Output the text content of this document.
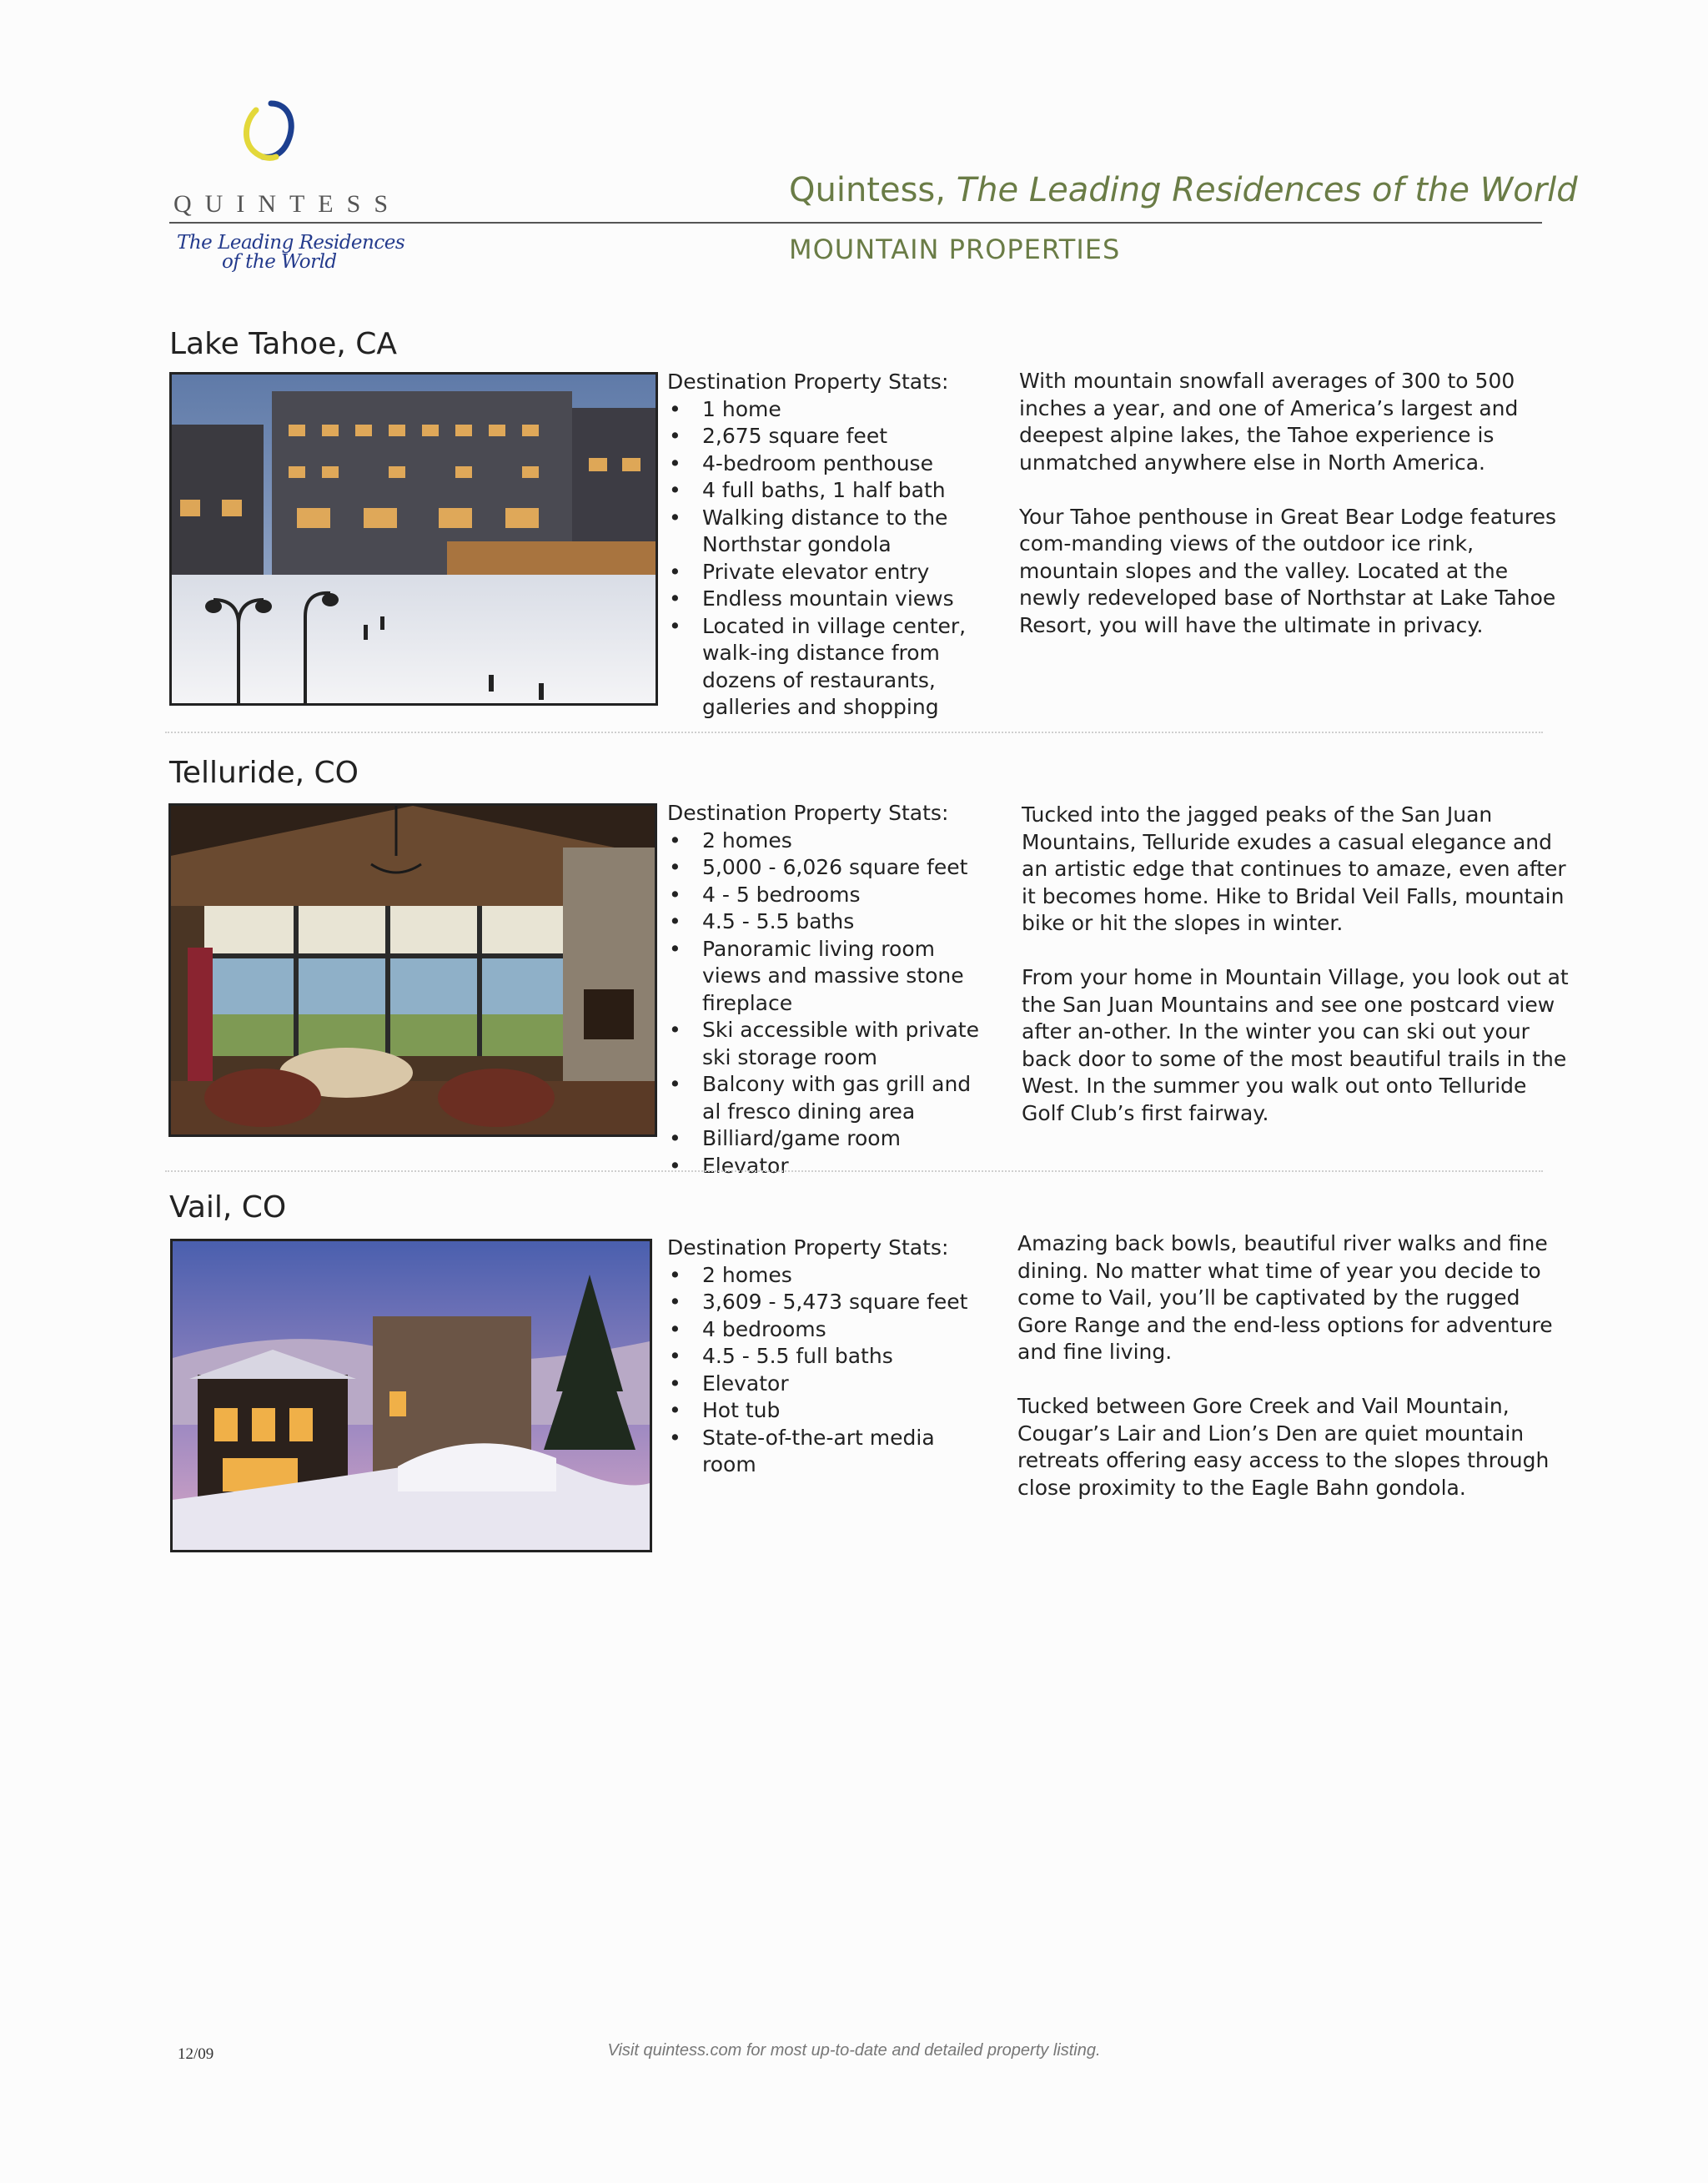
QUINTESS
The Leading Residences
of the World
Quintess, The Leading Residences of the World
MOUNTAIN PROPERTIES
Lake Tahoe, CA
Destination Property Stats:
• 1 home
• 2,675 square feet
• 4-bedroom penthouse
• 4 full baths, 1 half bath
• Walking distance to the Northstar gondola
• Private elevator entry
• Endless mountain views
• Located in village center, walk-ing distance from dozens of restaurants, galleries and shopping

With mountain snowfall averages of 300 to 500 inches a year, and one of America’s largest and deepest alpine lakes, the Tahoe experience is unmatched anywhere else in North America.

Your Tahoe penthouse in Great Bear Lodge features com-manding views of the outdoor ice rink, mountain slopes and the valley. Located at the newly redeveloped base of Northstar at Lake Tahoe Resort, you will have the ultimate in privacy.

Telluride, CO
Destination Property Stats:
• 2 homes
• 5,000 - 6,026 square feet
• 4 - 5 bedrooms
• 4.5 - 5.5 baths
• Panoramic living room views and massive stone fireplace
• Ski accessible with private ski storage room
• Balcony with gas grill and al fresco dining area
• Billiard/game room
• Elevator

Tucked into the jagged peaks of the San Juan Mountains, Telluride exudes a casual elegance and an artistic edge that continues to amaze, even after it becomes home. Hike to Bridal Veil Falls, mountain bike or hit the slopes in winter.

From your home in Mountain Village, you look out at the San Juan Mountains and see one postcard view after an-other. In the winter you can ski out your back door to some of the most beautiful trails in the West. In the summer you walk out onto Telluride Golf Club’s first fairway.

Vail, CO
Destination Property Stats:
• 2 homes
• 3,609 - 5,473 square feet
• 4 bedrooms
• 4.5 - 5.5 full baths
• Elevator
• Hot tub
• State-of-the-art media room

Amazing back bowls, beautiful river walks and fine dining. No matter what time of year you decide to come to Vail, you’ll be captivated by the rugged Gore Range and the end-less options for adventure and fine living.

Tucked between Gore Creek and Vail Mountain, Cougar’s Lair and Lion’s Den are quiet mountain retreats offering easy access to the slopes through close proximity to the Eagle Bahn gondola.

12/09	Visit quintess.com for most up-to-date and detailed property listing.
